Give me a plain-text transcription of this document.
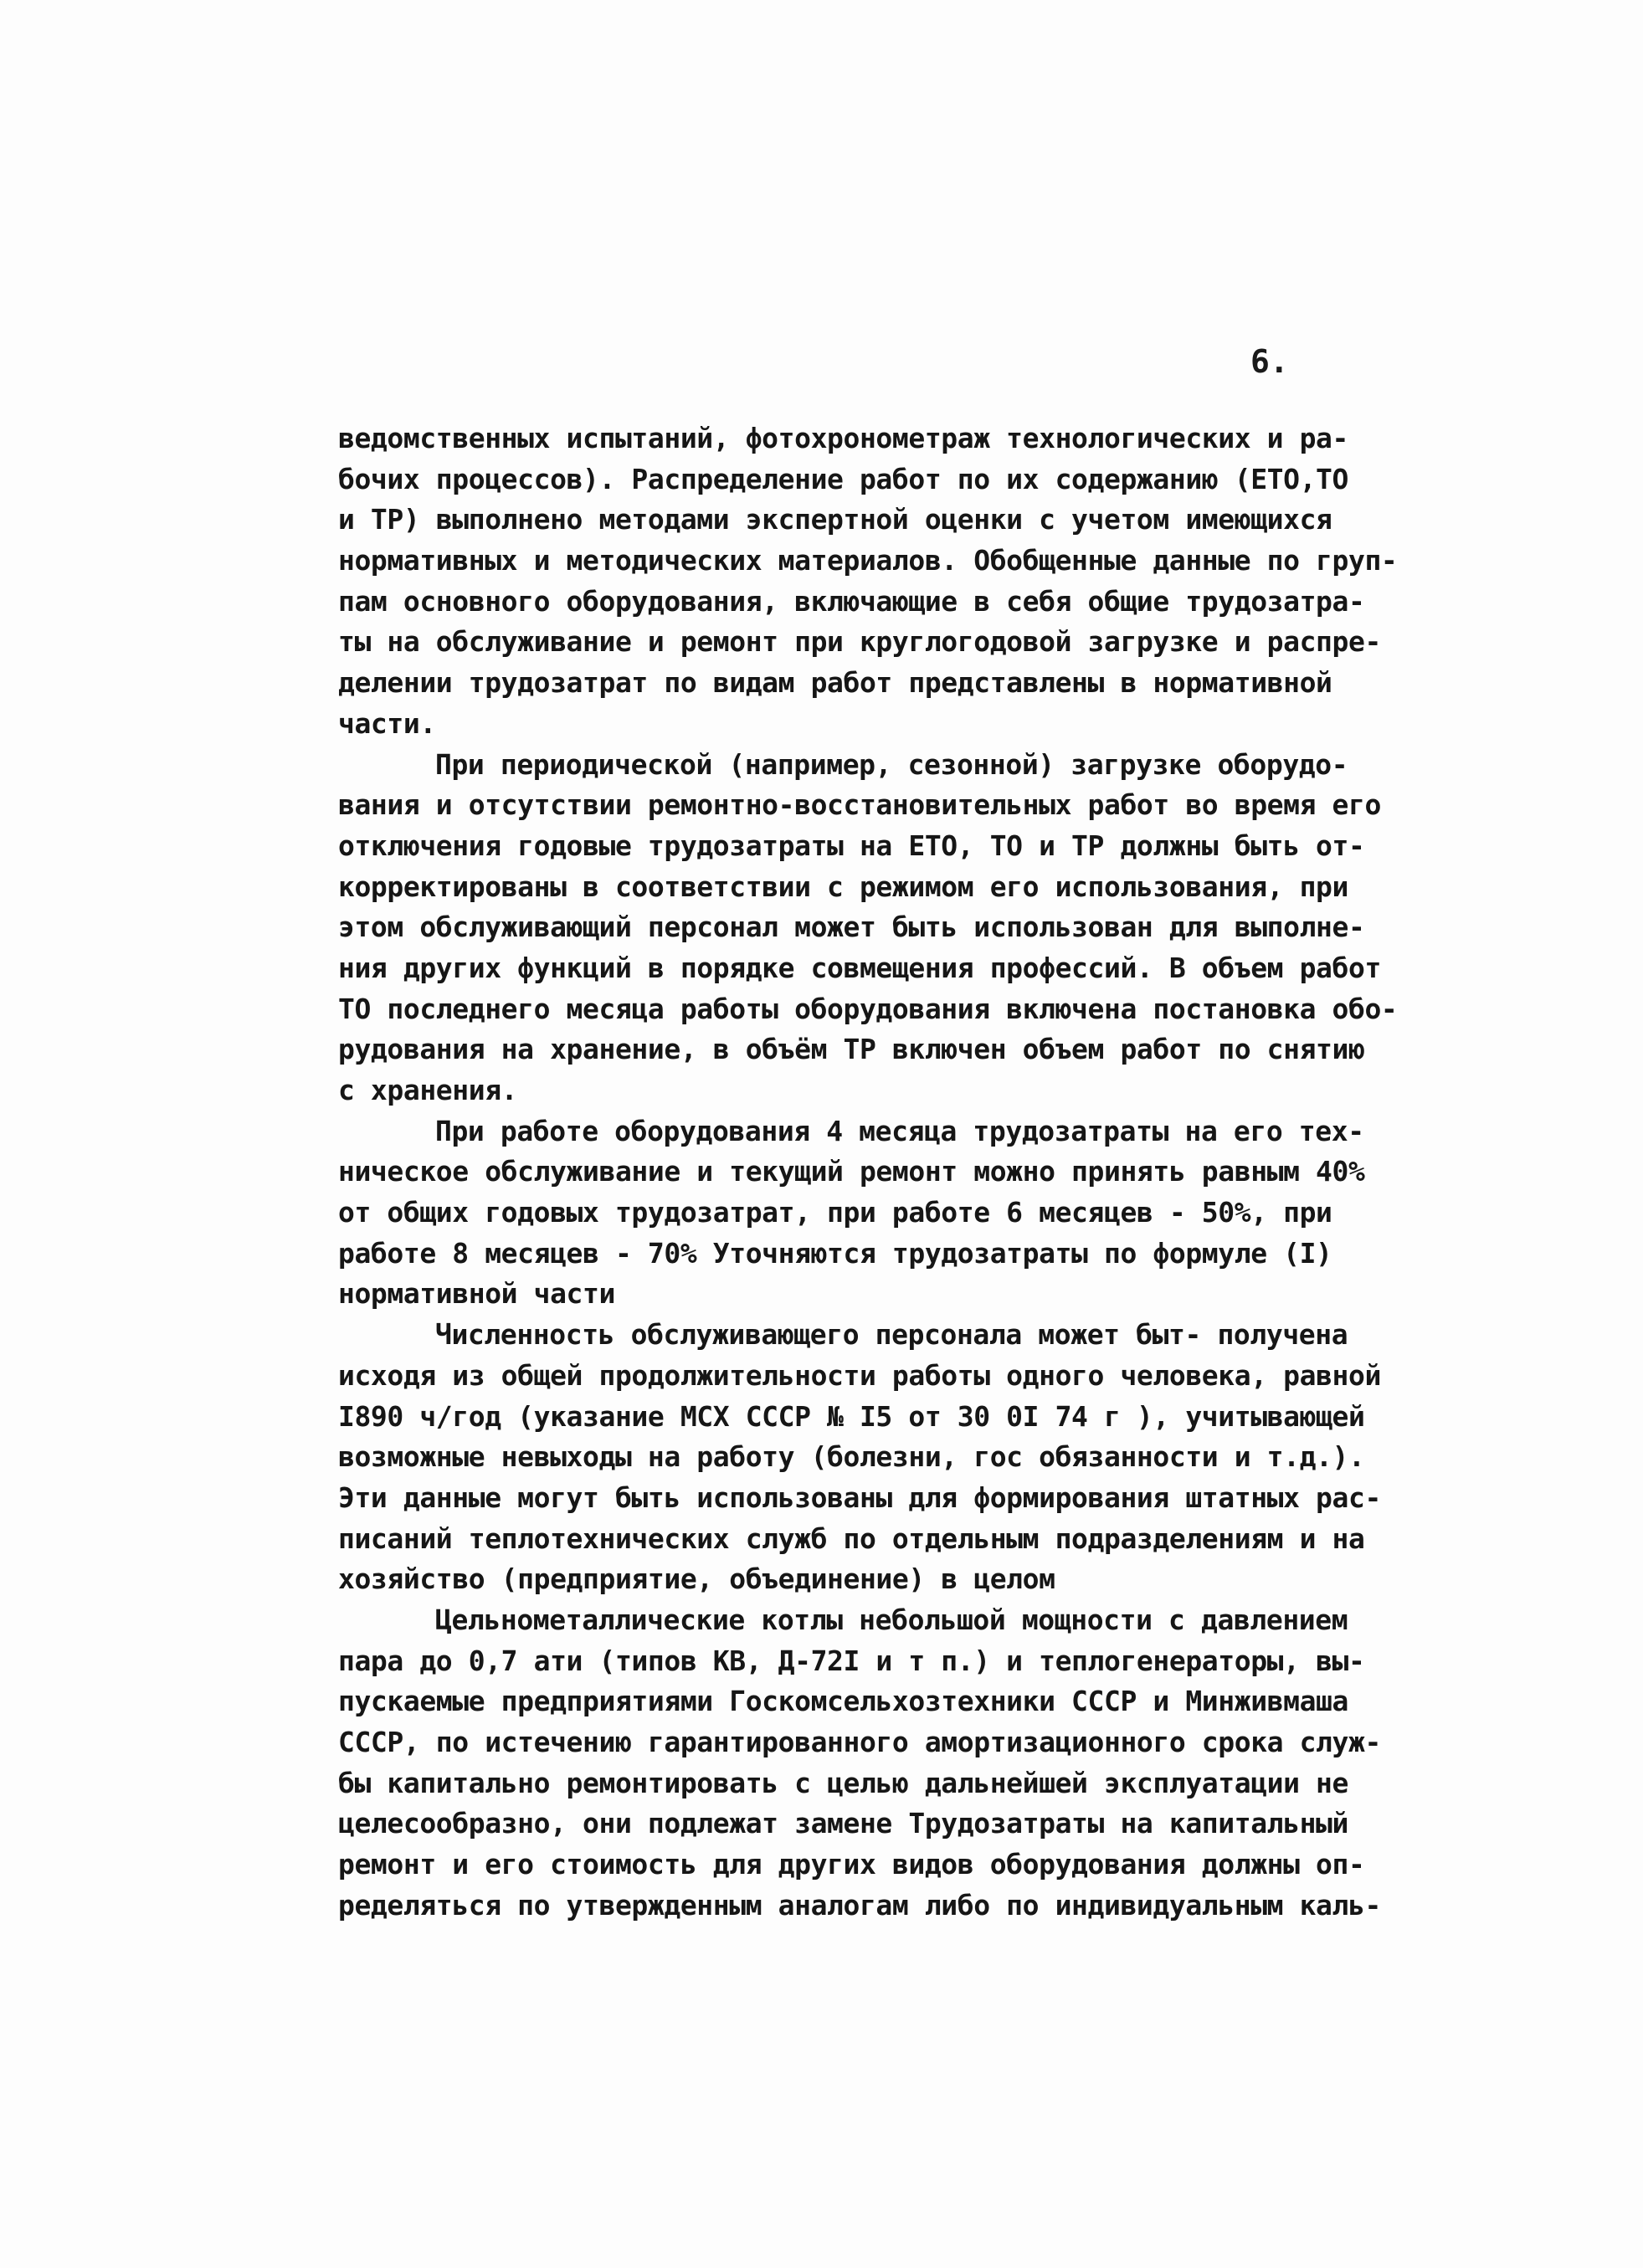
6.
ведомственных испытаний, фотохронометраж технологических и ра-
бочих процессов). Распределение работ по их содержанию (ЕТО,ТО
и ТР) выполнено методами экспертной оценки с учетом имеющихся
нормативных и методических материалов. Обобщенные данные по груп-
пам основного оборудования, включающие в себя общие трудозатра-
ты на обслуживание и ремонт при круглогодовой загрузке и распре-
делении трудозатрат по видам работ представлены в нормативной
части.
При периодической (например, сезонной) загрузке оборудо-
вания и отсутствии ремонтно-восстановительных работ во время его
отключения годовые трудозатраты на ЕТО, ТО и ТР должны быть от-
корректированы в соответствии с режимом его использования, при
этом обслуживающий персонал может быть использован для выполне-
ния других функций в порядке совмещения профессий. В объем работ
ТО последнего месяца работы оборудования включена постановка обо-
рудования на хранение, в объём ТР включен объем работ по снятию
с хранения.
При работе оборудования 4 месяца трудозатраты на его тех-
ническое обслуживание и текущий ремонт можно принять равным 40%
от общих годовых трудозатрат, при работе 6 месяцев - 50%, при
работе 8 месяцев - 70% Уточняются трудозатраты по формуле (I)
нормативной части
Численность обслуживающего персонала может быт- получена
исходя из общей продолжительности работы одного человека, равной
I890 ч/год (указание МСХ СССР № I5 от 30 0I 74 г ), учитывающей
возможные невыходы на работу (болезни, гос обязанности и т.д.).
Эти данные могут быть использованы для формирования штатных рас-
писаний теплотехнических служб по отдельным подразделениям и на
хозяйство (предприятие, объединение) в целом
Цельнометаллические котлы небольшой мощности с давлением
пара до 0,7 ати (типов КВ, Д-72I и т п.) и теплогенераторы, вы-
пускаемые предприятиями Госкомсельхозтехники СССР и Минживмаша
СССР, по истечению гарантированного амортизационного срока служ-
бы капитально ремонтировать с целью дальнейшей эксплуатации не
целесообразно, они подлежат замене Трудозатраты на капитальный
ремонт и его стоимость для других видов оборудования должны оп-
ределяться по утвержденным аналогам либо по индивидуальным каль-
